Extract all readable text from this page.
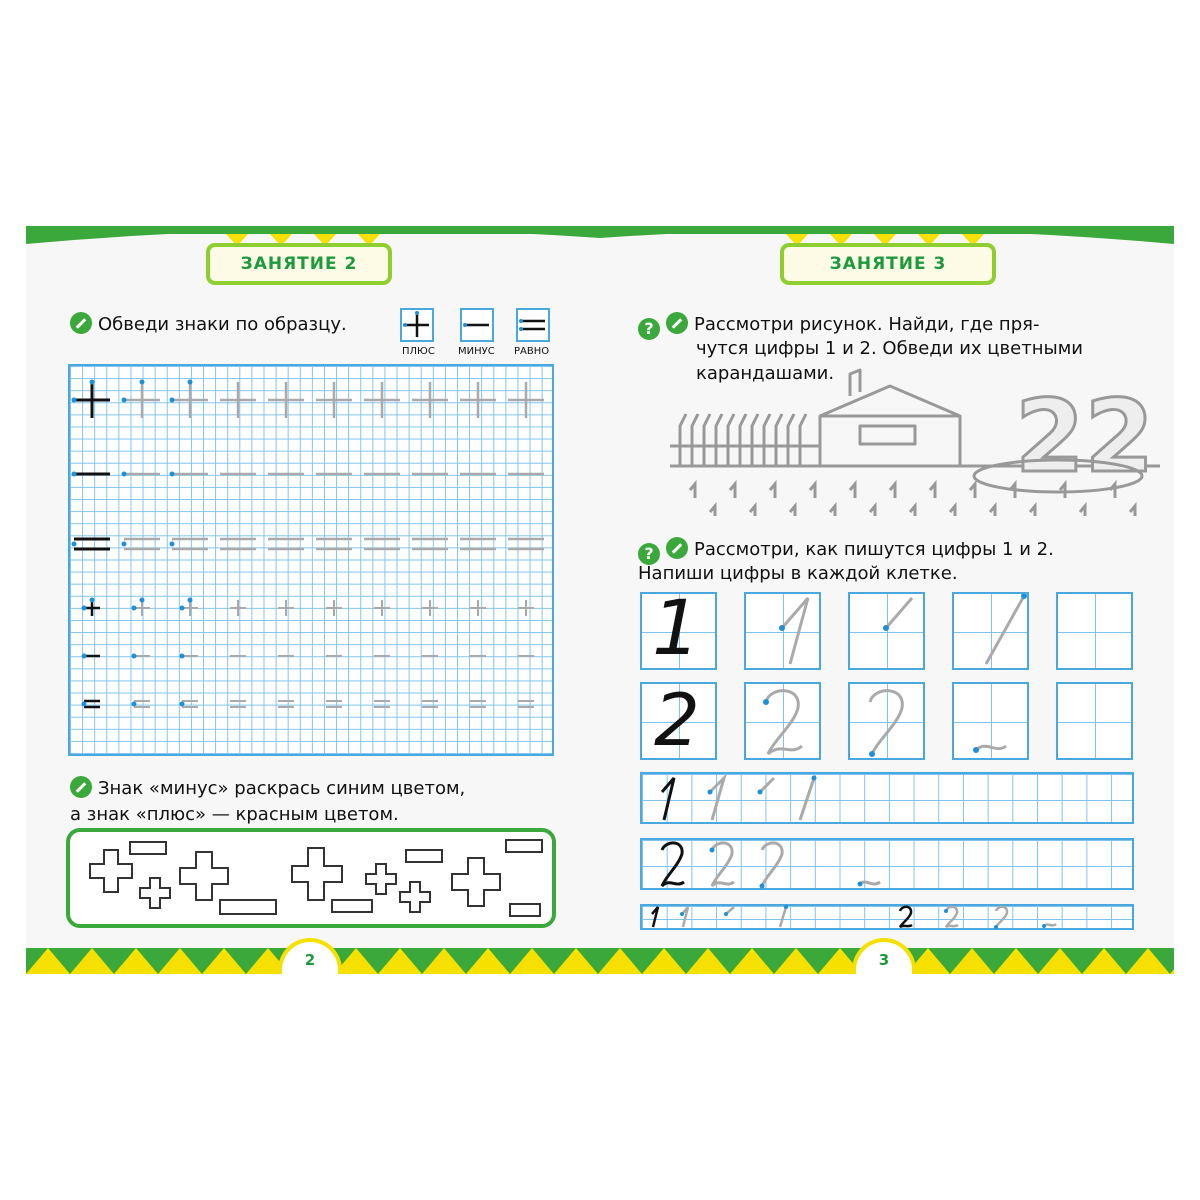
ЗАНЯТИЕ 2
Обведи знаки по образцу.
ПЛЮС МИНУС РАВНО
Знак «минус» раскрась синим цветом,
а знак «плюс» — красным цветом.
2
ЗАНЯТИЕ 3
? Рассмотри рисунок. Найди, где пря-
чутся цифры 1 и 2. Обведи их цветными
карандашами.
22
? Рассмотри, как пишутся цифры 1 и 2.
Напиши цифры в каждой клетке.
1
2
3
